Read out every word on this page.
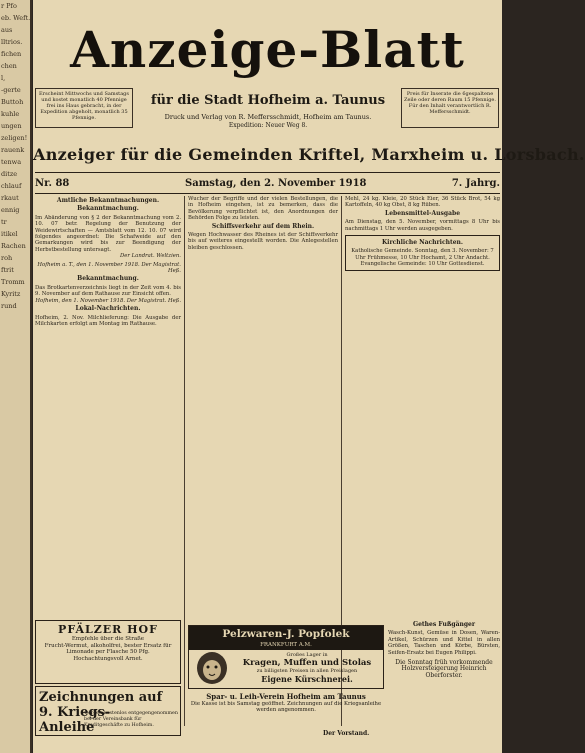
r Pfo
eb. Weft.
aus
lltrios.
fichen
chen
l,
-gerte
Buttoh
kuhle
ungen
zeligen!
rauenk
tenwa
ditze
chlauf
rkaut
ennig
tr
itikel
Rachen
roh
ftrit
Tromm
Kyritz
rund
Anzeige-Blatt
Erscheint Mittwochs und Samstags und kostet monatlich 40 Pfennige frei ins Haus gebracht, in der Expedition abgeholt, monatlich 35 Pfennige.
für die Stadt Hofheim a. Taunus
Druck und Verlag von R. Meffersschmidt, Hofheim am Taunus.
Expedition: Neuer Weg 8.
Preis für Inserate die 6gespaltene Zeile oder deren Raum 15 Pfennige. Für den Inhalt verantwortlich R. Meffersschmidt.
Anzeiger für die Gemeinden Kriftel, Marxheim u. Lorsbach.
Nr. 88	Samstag, den 2. November 1918	7. Jahrg.
Amtliche Bekanntmachungen.
Bekanntmachung.
Im Abänderung von § 2 der Bekanntmachung vom 2. 10. 07 betr. Regelung der Benutzung der Weidewirtschaften — Amtsblatt vom 12. 10. 07 wird folgendes angeordnet: Die Schafweide auf den Gemarkungen wird bis zur Beendigung der Herbstbestellung untersagt.
Der Landrat. Weltzien.
Hofheim a. T., den 1. November 1918. Der Magistrat. Heß.
Bekanntmachung.
Das Brotkartenverzeichnis liegt in der Zeit vom 4. bis 9. November auf dem Rathause zur Einsicht offen.
Hofheim, den 1. November 1918. Der Magistrat. Heß.
Lokal-Nachrichten.
Hofheim, 2. Nov. Milchlieferung: Die Ausgabe der Milchkarten erfolgt am Montag im Rathause.
Wucher der Begriffe und der vielen Bestellungen, die in Hofheim eingehen, ist zu bemerken, dass die Bevölkerung verpflichtet ist, den Anordnungen der Behörden Folge zu leisten.
Schiffsverkehr auf dem Rhein.
Wegen Hochwasser des Rheines ist der Schiffsverkehr bis auf weiteres eingestellt worden. Die Anlegestellen bleiben geschlossen.
Mehl, 24 kg. Kleie, 20 Stück Eier, 36 Stück Brot, 54 kg Kartoffeln, 40 kg Obst, 8 kg Rüben.
Lebensmittel-Ausgabe
Am Dienstag, den 5. November, vormittags 8 Uhr bis nachmittags 1 Uhr werden ausgegeben.
Kirchliche Nachrichten.
Katholische Gemeinde. Sonntag, den 3. November: 7 Uhr Frühmesse, 10 Uhr Hochamt, 2 Uhr Andacht. Evangelische Gemeinde: 10 Uhr Gottesdienst.
PFÄLZER HOF
Empfehle über die Straße
Frucht-Wermut, alkoholfrei, bester Ersatz für
Limonade per Flasche 50 Pfg.
Hochachtungsvoll Arnet.
Zeichnungen auf 9. Kriegs-
Anleihe
werden kostenlos entgegengenommen bei der Vereinsbank für Kreditgeschäfte zu Hofheim.
Pelzwaren-J. Popfolek
FRANKFURT A.M.
Großes Lager in
Kragen, Muffen und Stolas
zu billigsten Preisen in allen Preislagen
Eigene Kürschnerei.
Spar- u. Leih-Verein Hofheim am Taunus
Die Kasse ist bis Samstag geöffnet. Zeichnungen auf die Kriegsanleihe werden angenommen.
Der Vorstand.
Gethes Fußgänger
Wasch-Kunst, Gemüse in Dosen, Waren-Artikel, Schürzen und Kittel in allen Größen, Taschen und Körbe, Bürsten, Seifen-Ersatz bei Eugen Philippi.
Die Sonntag früh vorkommende Holzversteigerung Heinrich Oberforster.
